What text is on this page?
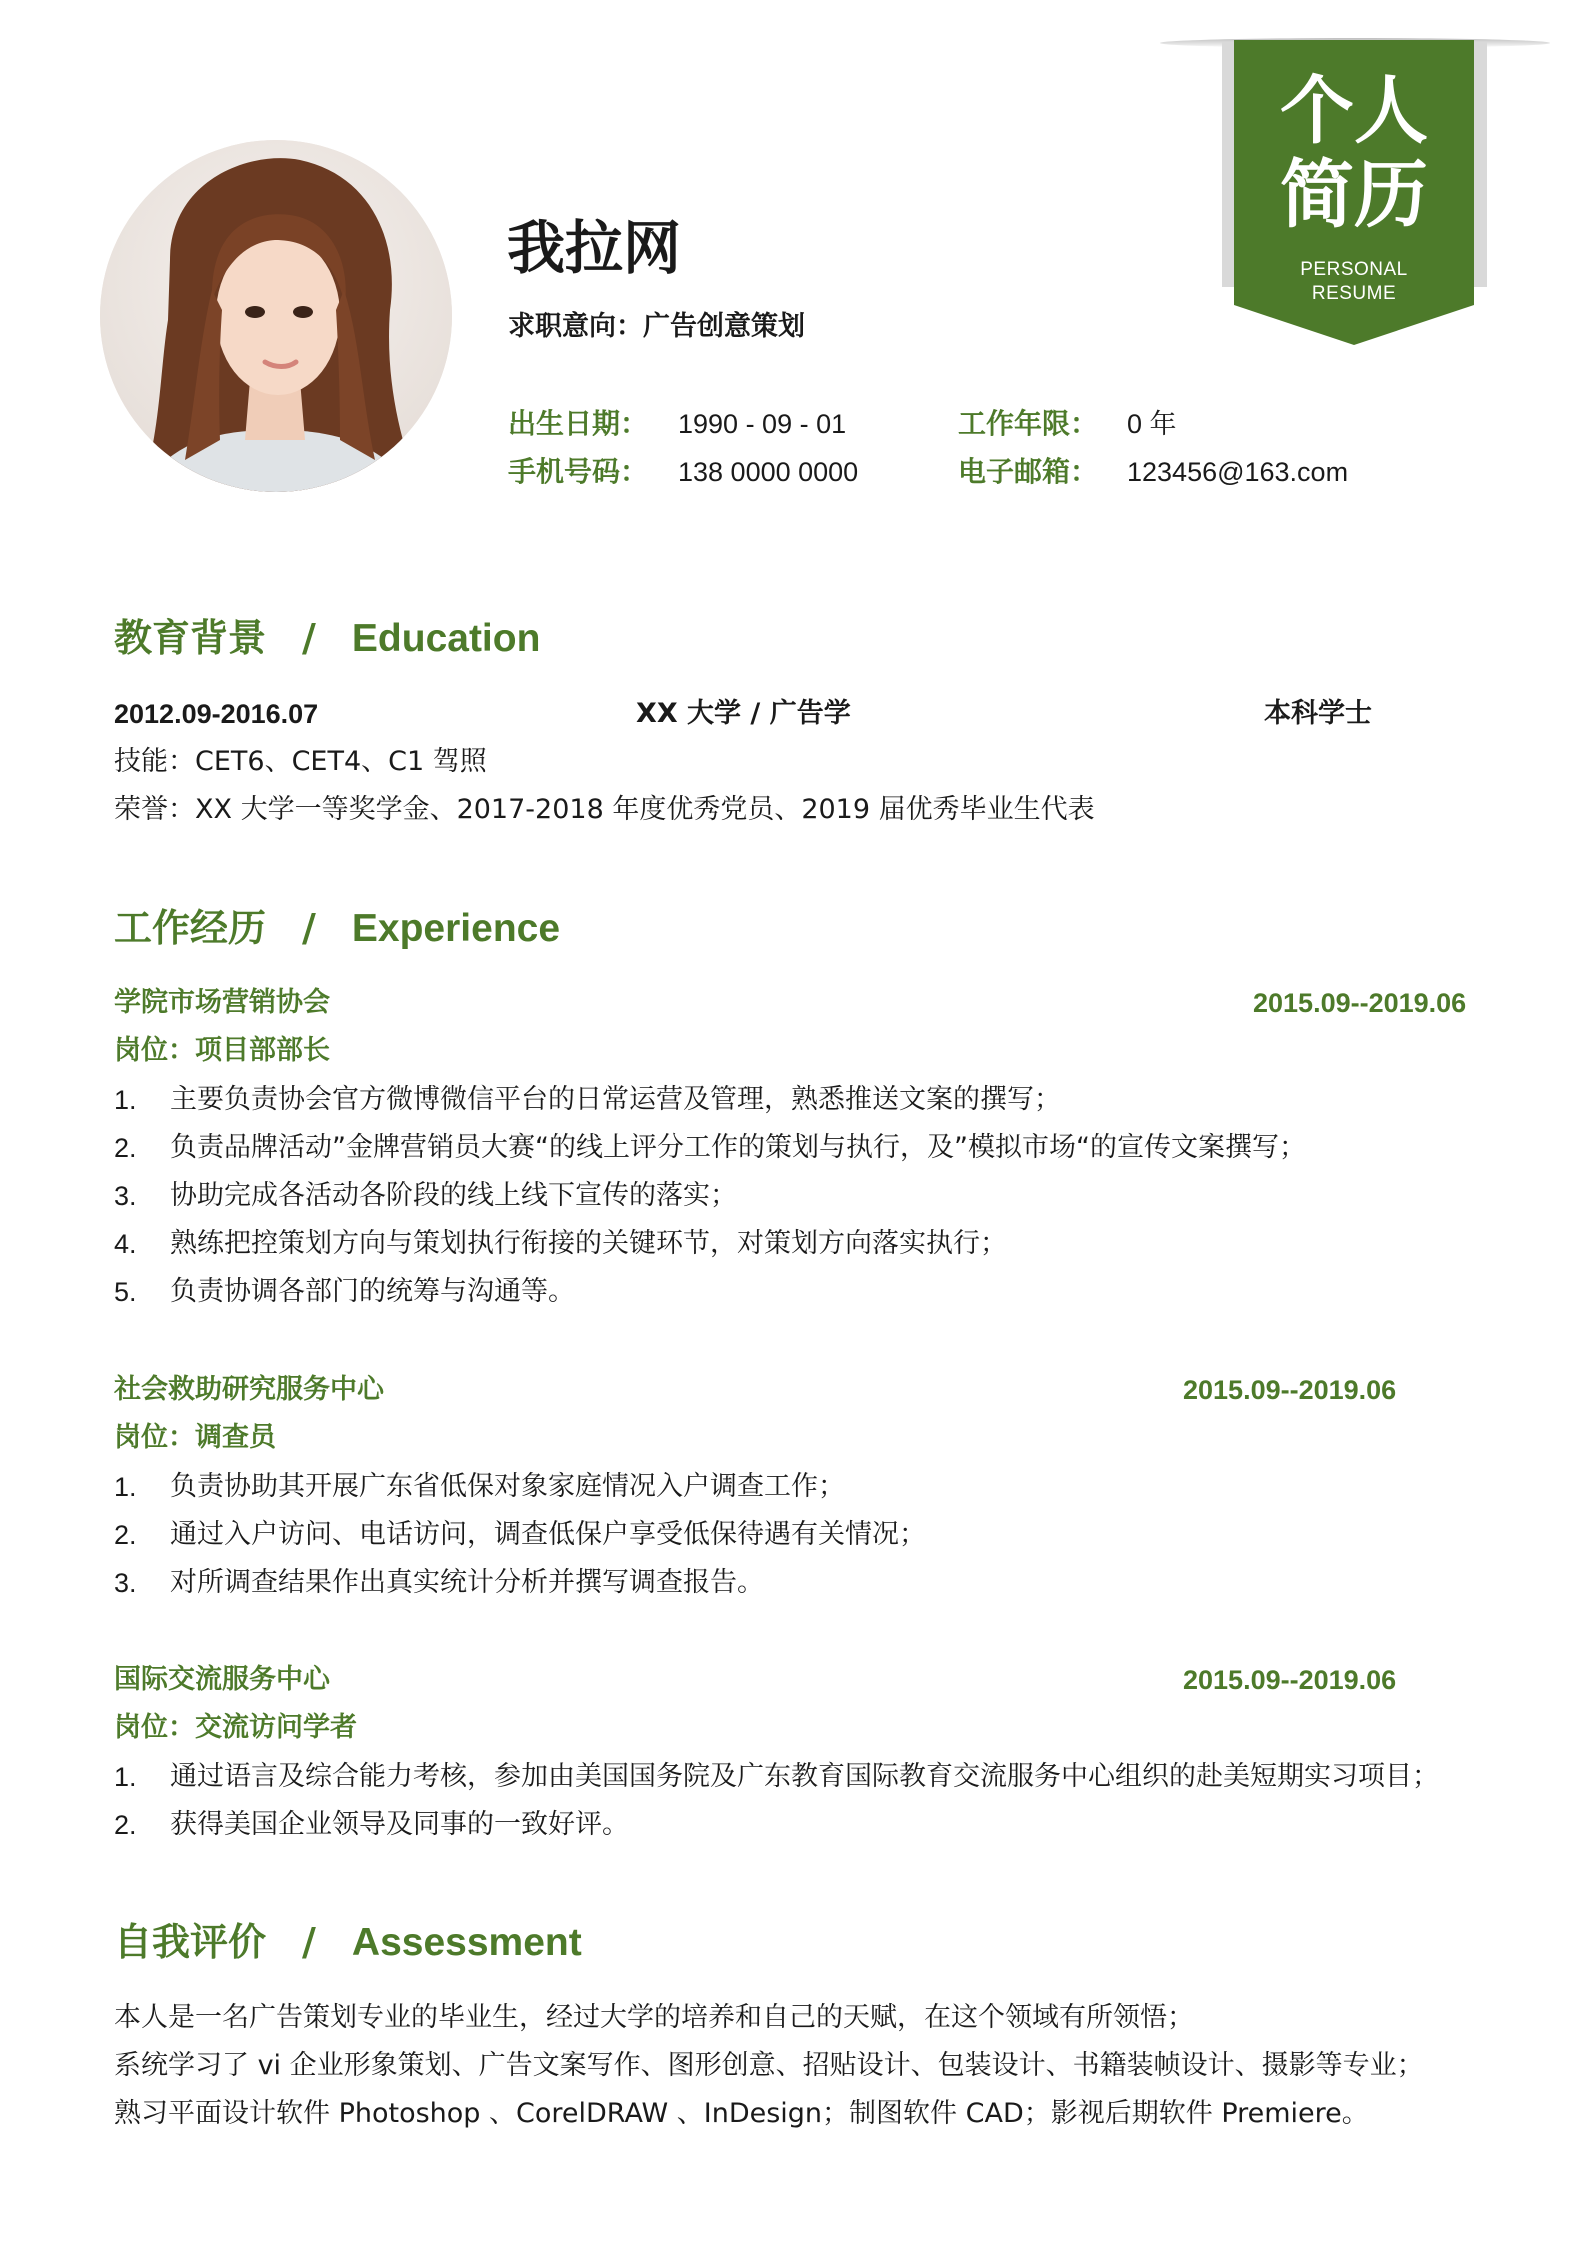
个人
简历
PERSONAL
RESUME
我拉网
求职意向：广告创意策划
出生日期： 1990 - 09 - 01	工作年限： 0 年
手机号码： 138 0000 0000	电子邮箱： 123456@163.com
教育背景 / Education
2012.09-2016.07	XX 大学 / 广告学	本科学士
技能：CET6、CET4、C1 驾照
荣誉：XX 大学一等奖学金、2017-2018 年度优秀党员、2019 届优秀毕业生代表
工作经历 / Experience
学院市场营销协会	2015.09--2019.06
岗位：项目部部长
1. 主要负责协会官方微博微信平台的日常运营及管理，熟悉推送文案的撰写；
2. 负责品牌活动”金牌营销员大赛“的线上评分工作的策划与执行，及”模拟市场“的宣传文案撰写；
3. 协助完成各活动各阶段的线上线下宣传的落实；
4. 熟练把控策划方向与策划执行衔接的关键环节，对策划方向落实执行；
5. 负责协调各部门的统筹与沟通等。
社会救助研究服务中心	2015.09--2019.06
岗位：调查员
1. 负责协助其开展广东省低保对象家庭情况入户调查工作；
2. 通过入户访问、电话访问，调查低保户享受低保待遇有关情况；
3. 对所调查结果作出真实统计分析并撰写调查报告。
国际交流服务中心	2015.09--2019.06
岗位：交流访问学者
1. 通过语言及综合能力考核，参加由美国国务院及广东教育国际教育交流服务中心组织的赴美短期实习项目；
2. 获得美国企业领导及同事的一致好评。
自我评价 / Assessment
本人是一名广告策划专业的毕业生，经过大学的培养和自己的天赋，在这个领域有所领悟；
系统学习了 vi 企业形象策划、广告文案写作、图形创意、招贴设计、包装设计、书籍装帧设计、摄影等专业；
熟习平面设计软件 Photoshop 、CorelDRAW 、InDesign；制图软件 CAD；影视后期软件 Premiere。
